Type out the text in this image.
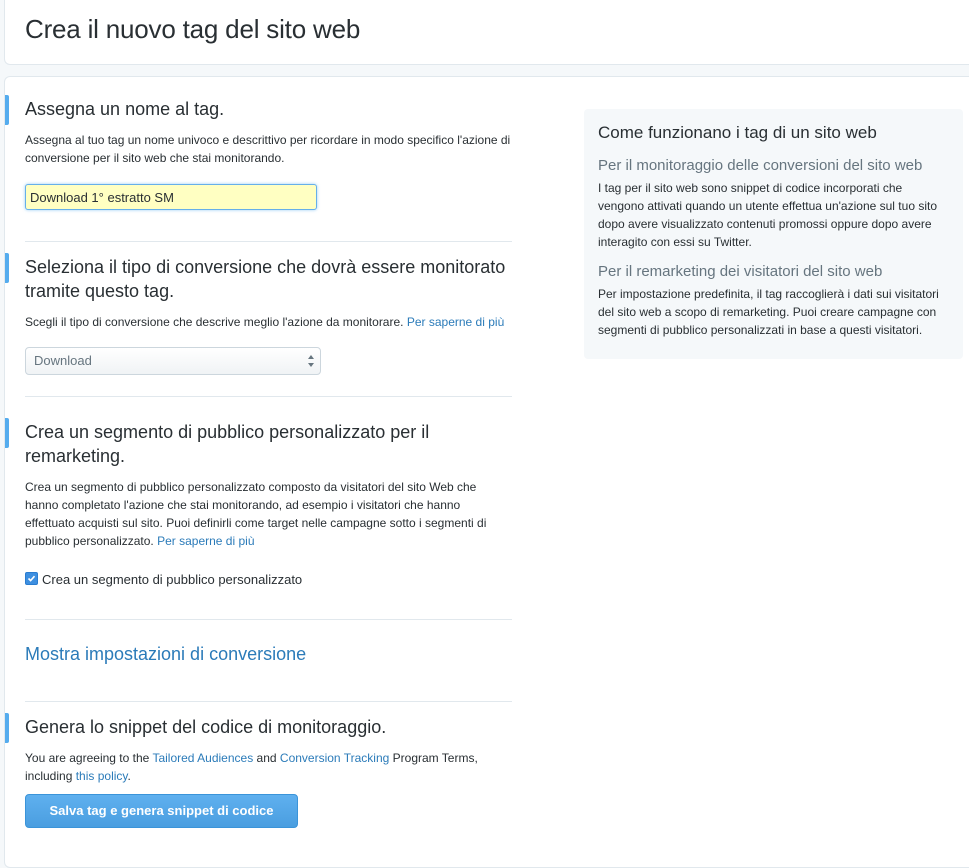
Crea il nuovo tag del sito web
Assegna un nome al tag.

Assegna al tuo tag un nome univoco e descrittivo per ricordare in modo specifico l'azione di conversione per il sito web che stai monitorando.

Download 1° estratto SM
Seleziona il tipo di conversione che dovrà essere monitorato tramite questo tag.

Scegli il tipo di conversione che descrive meglio l'azione da monitorare. Per saperne di più

Download
Crea un segmento di pubblico personalizzato per il remarketing.

Crea un segmento di pubblico personalizzato composto da visitatori del sito Web che hanno completato l'azione che stai monitorando, ad esempio i visitatori che hanno effettuato acquisti sul sito. Puoi definirli come target nelle campagne sotto i segmenti di pubblico personalizzato. Per saperne di più

Crea un segmento di pubblico personalizzato
Mostra impostazioni di conversione
Genera lo snippet del codice di monitoraggio.

You are agreeing to the Tailored Audiences and Conversion Tracking Program Terms, including this policy.

Salva tag e genera snippet di codice
Come funzionano i tag di un sito web
Per il monitoraggio delle conversioni del sito web

I tag per il sito web sono snippet di codice incorporati che vengono attivati quando un utente effettua un'azione sul tuo sito dopo avere visualizzato contenuti promossi oppure dopo avere interagito con essi su Twitter.

Per il remarketing dei visitatori del sito web

Per impostazione predefinita, il tag raccoglierà i dati sui visitatori del sito web a scopo di remarketing. Puoi creare campagne con segmenti di pubblico personalizzati in base a questi visitatori.
